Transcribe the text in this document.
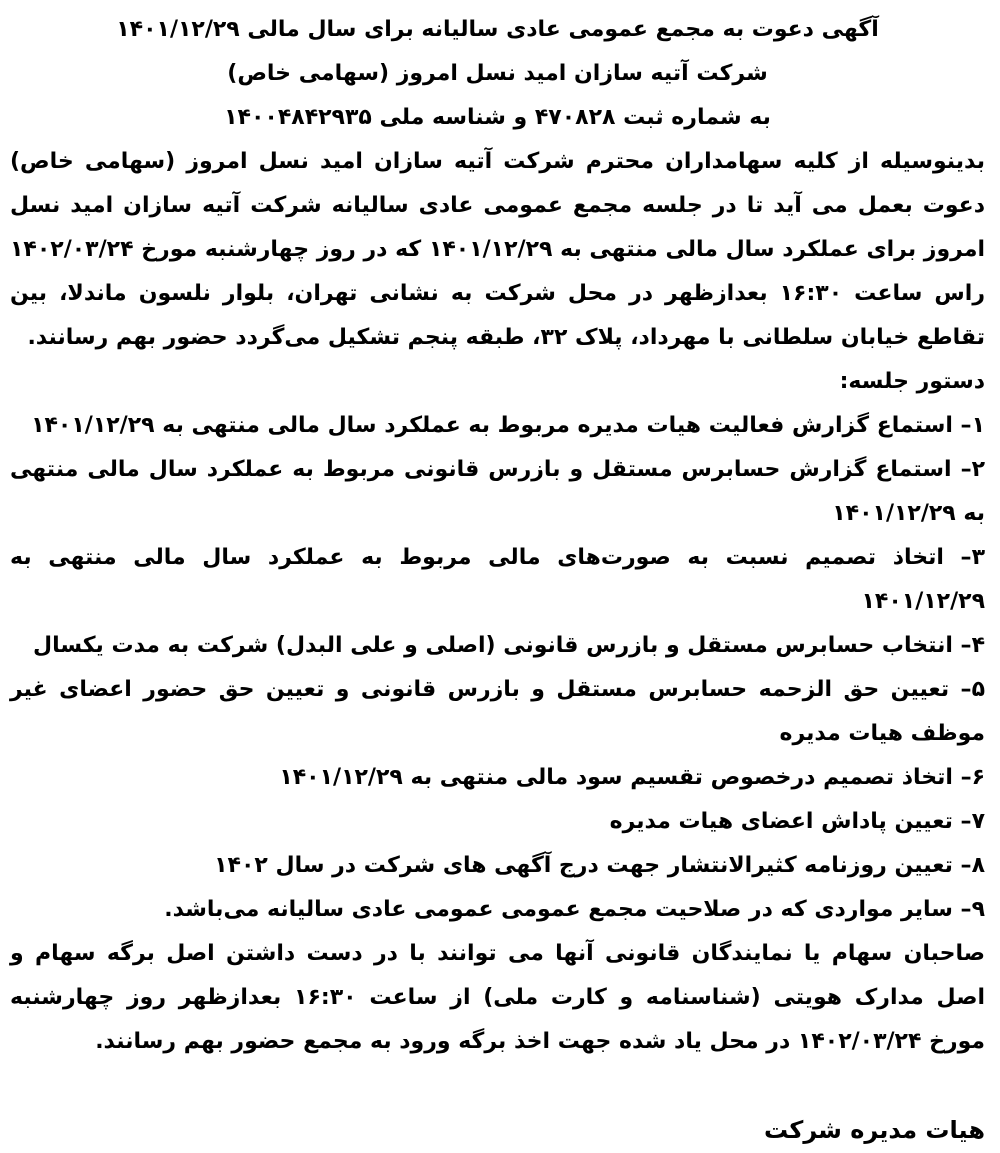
آگهی دعوت به مجمع عمومی عادی سالیانه برای سال مالی ۱۴۰۱/۱۲/۲۹

شرکت آتیه سازان امید نسل امروز (سهامی خاص)

به شماره ثبت ۴۷۰۸۲۸ و شناسه ملی ۱۴۰۰۴۸۴۲۹۳۵

بدینوسیله از کلیه سهامداران محترم شرکت آتیه سازان امید نسل امروز (سهامی خاص) دعوت بعمل می آید تا در جلسه مجمع عمومی عادی سالیانه شرکت آتیه سازان امید نسل امروز برای عملکرد سال مالی منتهی به ۱۴۰۱/۱۲/۲۹ که در روز چهارشنبه مورخ ۱۴۰۲/۰۳/۲۴ راس ساعت ۱۶:۳۰ بعدازظهر در محل شرکت به نشانی تهران، بلوار نلسون ماندلا، بین تقاطع خیابان سلطانی با مهرداد، پلاک ۳۲، طبقه پنجم تشکیل می‌گردد حضور بهم رسانند.

دستور جلسه:

۱– استماع گزارش فعالیت هیات مدیره مربوط به عملکرد سال مالی منتهی به ۱۴۰۱/۱۲/۲۹
۲– استماع گزارش حسابرس مستقل و بازرس قانونی مربوط به عملکرد سال مالی منتهی به ۱۴۰۱/۱۲/۲۹
۳– اتخاذ تصمیم نسبت به صورت‌های مالی مربوط به عملکرد سال مالی منتهی به ۱۴۰۱/۱۲/۲۹
۴– انتخاب حسابرس مستقل و بازرس قانونی (اصلی و علی البدل) شرکت به مدت یکسال
۵– تعیین حق الزحمه حسابرس مستقل و بازرس قانونی و تعیین حق حضور اعضای غیر موظف هیات مدیره
۶– اتخاذ تصمیم درخصوص تقسیم سود مالی منتهی به ۱۴۰۱/۱۲/۲۹
۷– تعیین پاداش اعضای هیات مدیره
۸– تعیین روزنامه کثیرالانتشار جهت درج آگهی های شرکت در سال ۱۴۰۲
۹– سایر مواردی که در صلاحیت مجمع عمومی عمومی عادی سالیانه می‌باشد.

صاحبان سهام یا نمایندگان قانونی آنها می توانند با در دست داشتن اصل برگه سهام و اصل مدارک هویتی (شناسنامه و کارت ملی) از ساعت ۱۶:۳۰ بعدازظهر روز چهارشنبه مورخ ۱۴۰۲/۰۳/۲۴ در محل یاد شده جهت اخذ برگه ورود به مجمع حضور بهم رسانند.

هیات مدیره شرکت
